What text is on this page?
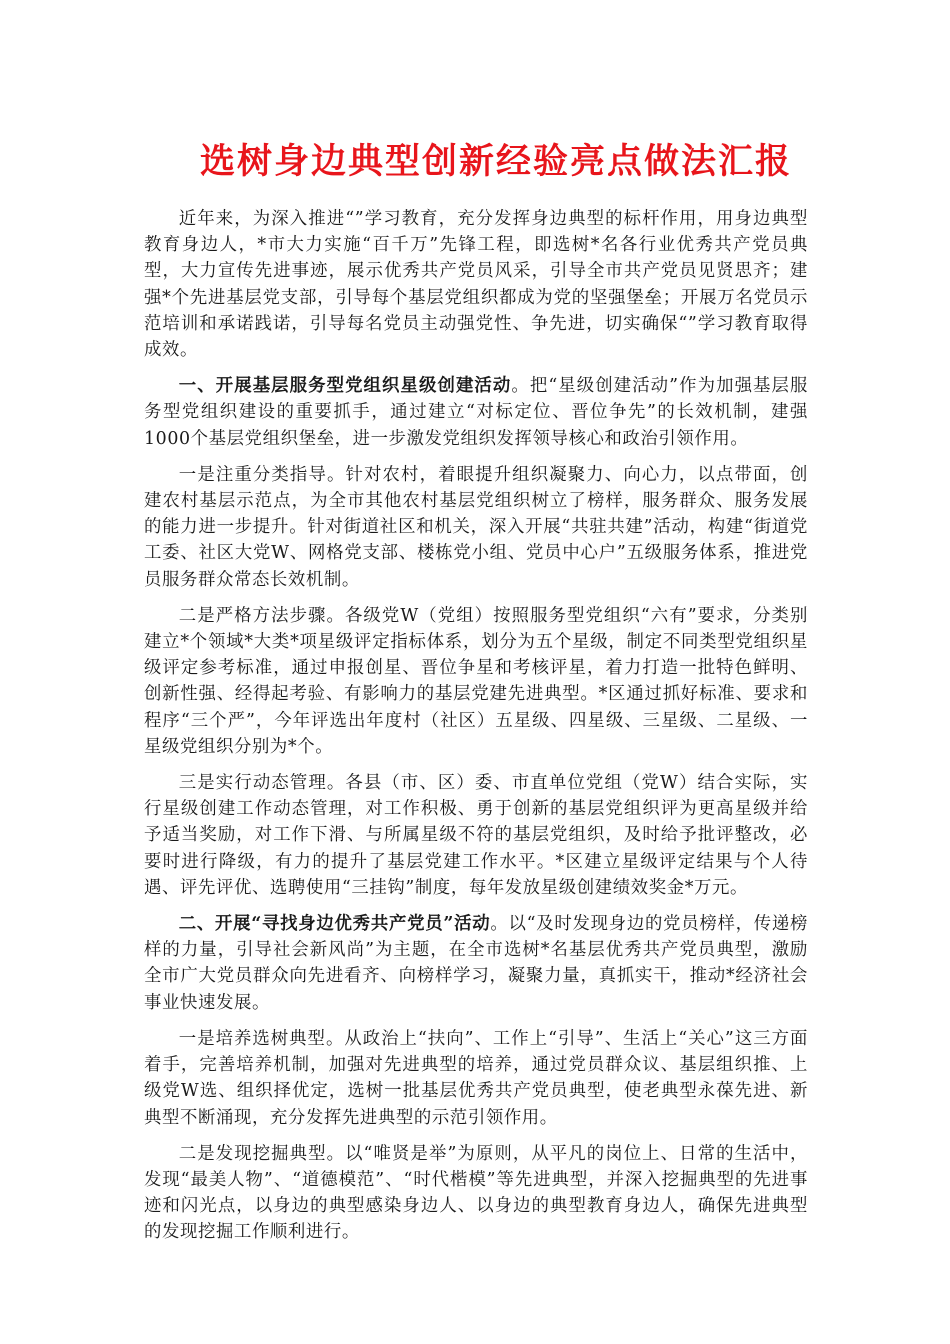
选树身边典型创新经验亮点做法汇报

近年来，为深入推进“”学习教育，充分发挥身边典型的标杆作用，用身边典型教育身边人，*市大力实施“百千万”先锋工程，即选树*名各行业优秀共产党员典型，大力宣传先进事迹，展示优秀共产党员风采，引导全市共产党员见贤思齐；建强*个先进基层党支部，引导每个基层党组织都成为党的坚强堡垒；开展万名党员示范培训和承诺践诺，引导每名党员主动强党性、争先进，切实确保“”学习教育取得成效。

一、开展基层服务型党组织星级创建活动。把“星级创建活动”作为加强基层服务型党组织建设的重要抓手，通过建立“对标定位、晋位争先”的长效机制，建强1000个基层党组织堡垒，进一步激发党组织发挥领导核心和政治引领作用。

一是注重分类指导。针对农村，着眼提升组织凝聚力、向心力，以点带面，创建农村基层示范点，为全市其他农村基层党组织树立了榜样，服务群众、服务发展的能力进一步提升。针对街道社区和机关，深入开展“共驻共建”活动，构建“街道党工委、社区大党W、网格党支部、楼栋党小组、党员中心户”五级服务体系，推进党员服务群众常态长效机制。

二是严格方法步骤。各级党W（党组）按照服务型党组织“六有”要求，分类别建立*个领域*大类*项星级评定指标体系，划分为五个星级，制定不同类型党组织星级评定参考标准，通过申报创星、晋位争星和考核评星，着力打造一批特色鲜明、创新性强、经得起考验、有影响力的基层党建先进典型。*区通过抓好标准、要求和程序“三个严”，今年评选出年度村（社区）五星级、四星级、三星级、二星级、一星级党组织分别为*个。

三是实行动态管理。各县（市、区）委、市直单位党组（党W）结合实际，实行星级创建工作动态管理，对工作积极、勇于创新的基层党组织评为更高星级并给予适当奖励，对工作下滑、与所属星级不符的基层党组织，及时给予批评整改，必要时进行降级，有力的提升了基层党建工作水平。*区建立星级评定结果与个人待遇、评先评优、选聘使用“三挂钩”制度，每年发放星级创建绩效奖金*万元。

二、开展“寻找身边优秀共产党员”活动。以“及时发现身边的党员榜样，传递榜样的力量，引导社会新风尚”为主题，在全市选树*名基层优秀共产党员典型，激励全市广大党员群众向先进看齐、向榜样学习，凝聚力量，真抓实干，推动*经济社会事业快速发展。

一是培养选树典型。从政治上“扶向”、工作上“引导”、生活上“关心”这三方面着手，完善培养机制，加强对先进典型的培养，通过党员群众议、基层组织推、上级党W选、组织择优定，选树一批基层优秀共产党员典型，使老典型永葆先进、新典型不断涌现，充分发挥先进典型的示范引领作用。

二是发现挖掘典型。以“唯贤是举”为原则，从平凡的岗位上、日常的生活中，发现“最美人物”、“道德模范”、“时代楷模”等先进典型，并深入挖掘典型的先进事迹和闪光点，以身边的典型感染身边人、以身边的典型教育身边人，确保先进典型的发现挖掘工作顺利进行。
